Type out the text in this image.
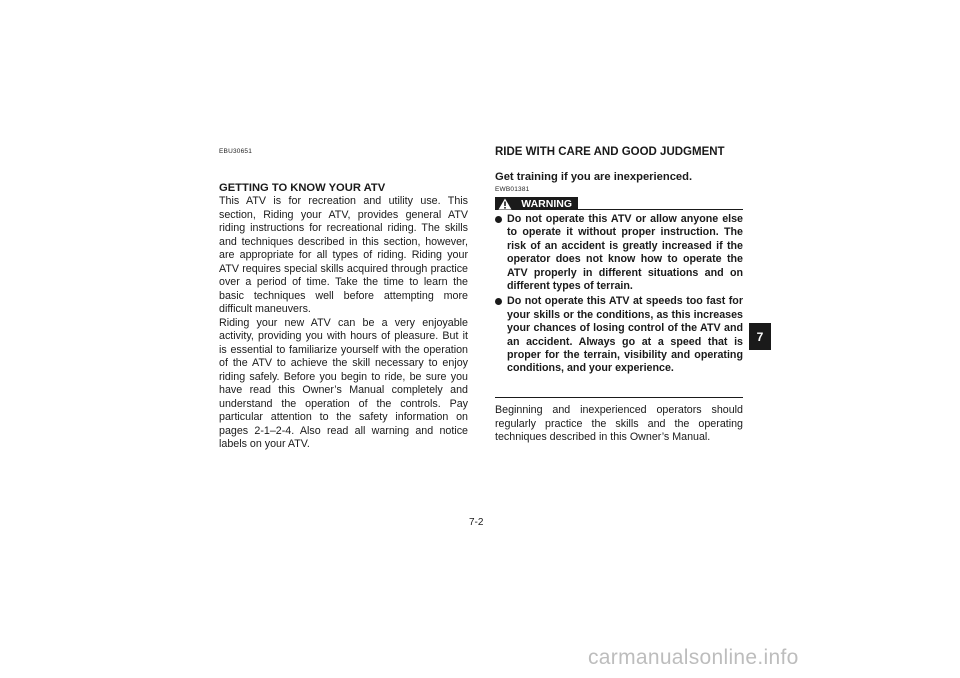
EBU30651
GETTING TO KNOW YOUR ATV

This ATV is for recreation and utility use. This section, Riding your ATV, provides general ATV riding instructions for recreational riding. The skills and techniques described in this section, however, are appropriate for all types of riding. Riding your ATV requires special skills acquired through practice over a period of time. Take the time to learn the basic techniques well before attempting more difficult maneuvers.

Riding your new ATV can be a very enjoyable activity, providing you with hours of pleasure. But it is essential to familiarize yourself with the operation of the ATV to achieve the skill necessary to enjoy riding safely. Before you begin to ride, be sure you have read this Owner’s Manual completely and understand the operation of the controls. Pay particular attention to the safety information on pages 2-1–2-4. Also read all warning and notice labels on your ATV.

RIDE WITH CARE AND GOOD JUDGMENT
Get training if you are inexperienced.
EWB01381
WARNING
Do not operate this ATV or allow anyone else to operate it without proper instruction. The risk of an accident is greatly increased if the operator does not know how to operate the ATV properly in different situations and on different types of terrain.
Do not operate this ATV at speeds too fast for your skills or the conditions, as this increases your chances of losing control of the ATV and an accident. Always go at a speed that is proper for the terrain, visibility and operating conditions, and your experience.

Beginning and inexperienced operators should regularly practice the skills and the operating techniques described in this Owner’s Manual.

7
7-2
carmanualsonline.info
